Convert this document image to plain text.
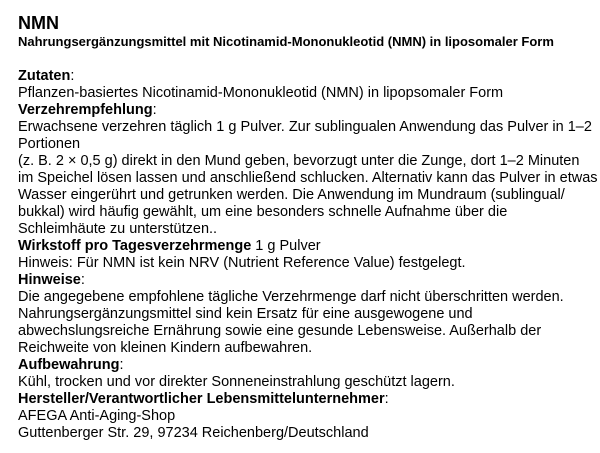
NMN
Nahrungsergänzungsmittel mit Nicotinamid-Mononukleotid (NMN) in liposomaler Form
Zutaten:
Pflanzen-basiertes Nicotinamid-Mononukleotid (NMN) in lipopsomaler Form
Verzehrempfehlung:
Erwachsene verzehren täglich 1 g Pulver. Zur sublingualen Anwendung das Pulver in 1–2
Portionen
(z. B. 2 × 0,5 g) direkt in den Mund geben, bevorzugt unter die Zunge, dort 1–2 Minuten
im Speichel lösen lassen und anschließend schlucken. Alternativ kann das Pulver in etwas
Wasser eingerührt und getrunken werden. Die Anwendung im Mundraum (sublingual/
bukkal) wird häufig gewählt, um eine besonders schnelle Aufnahme über die
Schleimhäute zu unterstützen..
Wirkstoff pro Tagesverzehrmenge 1 g Pulver
Hinweis: Für NMN ist kein NRV (Nutrient Reference Value) festgelegt.
Hinweise:
Die angegebene empfohlene tägliche Verzehrmenge darf nicht überschritten werden.
Nahrungsergänzungsmittel sind kein Ersatz für eine ausgewogene und
abwechslungsreiche Ernährung sowie eine gesunde Lebensweise. Außerhalb der
Reichweite von kleinen Kindern aufbewahren.
Aufbewahrung:
Kühl, trocken und vor direkter Sonneneinstrahlung geschützt lagern.
Hersteller/Verantwortlicher Lebensmittelunternehmer:
AFEGA Anti-Aging-Shop
Guttenberger Str. 29, 97234 Reichenberg/Deutschland
